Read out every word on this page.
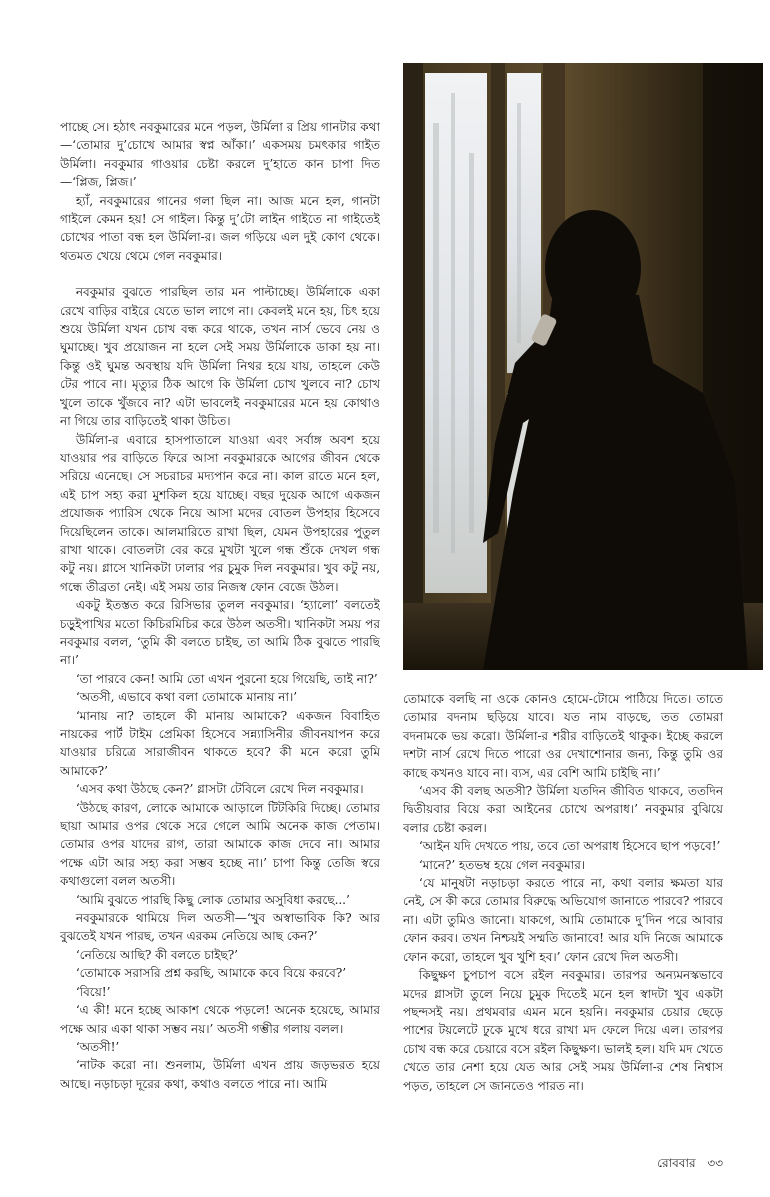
পাচ্ছে সে। হঠাৎ নবকুমারের মনে পড়ল, উর্মিলা র প্রিয় গানটার কথা—‘তোমার দু’চোখে আমার স্বপ্ন আঁকা।’ একসময় চমৎকার গাইত উর্মিলা। নবকুমার গাওয়ার চেষ্টা করলে দু’হাতে কান চাপা দিত—‘প্লিজ, প্লিজ।’

হ্যাঁ, নবকুমারের গানের গলা ছিল না। আজ মনে হল, গানটা গাইলে কেমন হয়! সে গাইল। কিন্তু দু’টো লাইন গাইতে না গাইতেই চোখের পাতা বন্ধ হল উর্মিলা-র। জল গড়িয়ে এল দুই কোণ থেকে। থতমত খেয়ে থেমে গেল নবকুমার।

নবকুমার বুঝতে পারছিল তার মন পাল্টাচ্ছে। উর্মিলাকে একা রেখে বাড়ির বাইরে যেতে ভাল লাগে না। কেবলই মনে হয়, চিৎ হয়ে শুয়ে উর্মিলা যখন চোখ বন্ধ করে থাকে, তখন নার্স ভেবে নেয় ও ঘুমাচ্ছে। খুব প্রয়োজন না হলে সেই সময় উর্মিলাকে ডাকা হয় না। কিন্তু ওই ঘুমন্ত অবস্থায় যদি উর্মিলা নিথর হয়ে যায়, তাহলে কেউ টের পাবে না। মৃত্যুর ঠিক আগে কি উর্মিলা চোখ খুলবে না? চোখ খুলে তাকে খুঁজবে না? এটা ভাবলেই নবকুমারের মনে হয় কোথাও না গিয়ে তার বাড়িতেই থাকা উচিত।

উর্মিলা-র এবারে হাসপাতালে যাওয়া এবং সর্বাঙ্গ অবশ হয়ে যাওয়ার পর বাড়িতে ফিরে আসা নবকুমারকে আগের জীবন থেকে সরিয়ে এনেছে। সে সচরাচর মদ্যপান করে না। কাল রাতে মনে হল, এই চাপ সহ্য করা মুশকিল হয়ে যাচ্ছে। বছর দুয়েক আগে একজন প্রযোজক প্যারিস থেকে নিয়ে আসা মদের বোতল উপহার হিসেবে দিয়েছিলেন তাকে। আলমারিতে রাখা ছিল, যেমন উপহারের পুতুল রাখা থাকে। বোতলটা বের করে মুখটা খুলে গন্ধ শুঁকে দেখল গন্ধ কটু নয়। গ্লাসে খানিকটা ঢালার পর চুমুক দিল নবকুমার। খুব কটু নয়, গন্ধে তীব্রতা নেই। এই সময় তার নিজস্ব ফোন বেজে উঠল।

একটু ইতস্তত করে রিসিভার তুলল নবকুমার। ‘হ্যালো’ বলতেই চড়ুইপাখির মতো কিচিরমিচির করে উঠল অতসী। খানিকটা সময় পর নবকুমার বলল, ‘তুমি কী বলতে চাইছ, তা আমি ঠিক বুঝতে পারছি না।’

‘তা পারবে কেন! আমি তো এখন পুরনো হয়ে গিয়েছি, তাই না?’

‘অতসী, এভাবে কথা বলা তোমাকে মানায় না।’

‘মানায় না? তাহলে কী মানায় আমাকে? একজন বিবাহিত নায়কের পার্ট টাইম প্রেমিকা হিসেবে সন্ন্যাসিনীর জীবনযাপন করে যাওয়ার চরিত্রে সারাজীবন থাকতে হবে? কী মনে করো তুমি আমাকে?’

‘এসব কথা উঠছে কেন?’ গ্লাসটা টেবিলে রেখে দিল নবকুমার।

‘উঠছে কারণ, লোকে আমাকে আড়ালে টিটকিরি দিচ্ছে। তোমার ছায়া আমার ওপর থেকে সরে গেলে আমি অনেক কাজ পেতাম। তোমার ওপর যাদের রাগ, তারা আমাকে কাজ দেবে না। আমার পক্ষে এটা আর সহ্য করা সম্ভব হচ্ছে না।’ চাপা কিন্তু তেজি স্বরে কথাগুলো বলল অতসী।

‘আমি বুঝতে পারছি কিছু লোক তোমার অসুবিধা করছে...’

নবকুমারকে থামিয়ে দিল অতসী—‘খুব অস্বাভাবিক কি? আর বুঝতেই যখন পারছ, তখন এরকম নেতিয়ে আছ কেন?’

‘নেতিয়ে আছি? কী বলতে চাইছ?’

‘তোমাকে সরাসরি প্রশ্ন করছি, আমাকে কবে বিয়ে করবে?’

‘বিয়ে!’

‘এ কী! মনে হচ্ছে আকাশ থেকে পড়লে! অনেক হয়েছে, আমার পক্ষে আর একা থাকা সম্ভব নয়।’ অতসী গম্ভীর গলায় বলল।

‘অতসী!’

‘নাটক করো না। শুনলাম, উর্মিলা এখন প্রায় জড়ভরত হয়ে আছে। নড়াচড়া দূরের কথা, কথাও বলতে পারে না। আমি

তোমাকে বলছি না ওকে কোনও হোমে-টোমে পাঠিয়ে দিতে। তাতে তোমার বদনাম ছড়িয়ে যাবে। যত নাম বাড়ছে, তত তোমরা বদনামকে ভয় করো। উর্মিলা-র শরীর বাড়িতেই থাকুক। ইচ্ছে করলে দশটা নার্স রেখে দিতে পারো ওর দেখাশোনার জন্য, কিন্তু তুমি ওর কাছে কখনও যাবে না। ব্যস, এর বেশি আমি চাইছি না।’

‘এসব কী বলছ অতসী? উর্মিলা যতদিন জীবিত থাকবে, ততদিন দ্বিতীয়বার বিয়ে করা আইনের চোখে অপরাধ।’ নবকুমার বুঝিয়ে বলার চেষ্টা করল।

‘আইন যদি দেখতে পায়, তবে তো অপরাধ হিসেবে ছাপ পড়বে!’

‘মানে?’ হতভম্ব হয়ে গেল নবকুমার।

‘যে মানুষটা নড়াচড়া করতে পারে না, কথা বলার ক্ষমতা যার নেই, সে কী করে তোমার বিরুদ্ধে অভিযোগ জানাতে পারবে? পারবে না। এটা তুমিও জানো। যাকগে, আমি তোমাকে দু’দিন পরে আবার ফোন করব। তখন নিশ্চয়ই সম্মতি জানাবে! আর যদি নিজে আমাকে ফোন করো, তাহলে খুব খুশি হব।’ ফোন রেখে দিল অতসী।

কিছুক্ষণ চুপচাপ বসে রইল নবকুমার। তারপর অন্যমনস্কভাবে মদের গ্লাসটা তুলে নিয়ে চুমুক দিতেই মনে হল স্বাদটা খুব একটা পছন্দসই নয়। প্রথমবার এমন মনে হয়নি। নবকুমার চেয়ার ছেড়ে পাশের টয়লেটে ঢুকে মুখে ধরে রাখা মদ ফেলে দিয়ে এল। তারপর চোখ বন্ধ করে চেয়ারে বসে রইল কিছুক্ষণ। ভালই হল। যদি মদ খেতে খেতে তার নেশা হয়ে যেত আর সেই সময় উর্মিলা-র শেষ নিশ্বাস পড়ত, তাহলে সে জানতেও পারত না।

রোববার ৩৩
